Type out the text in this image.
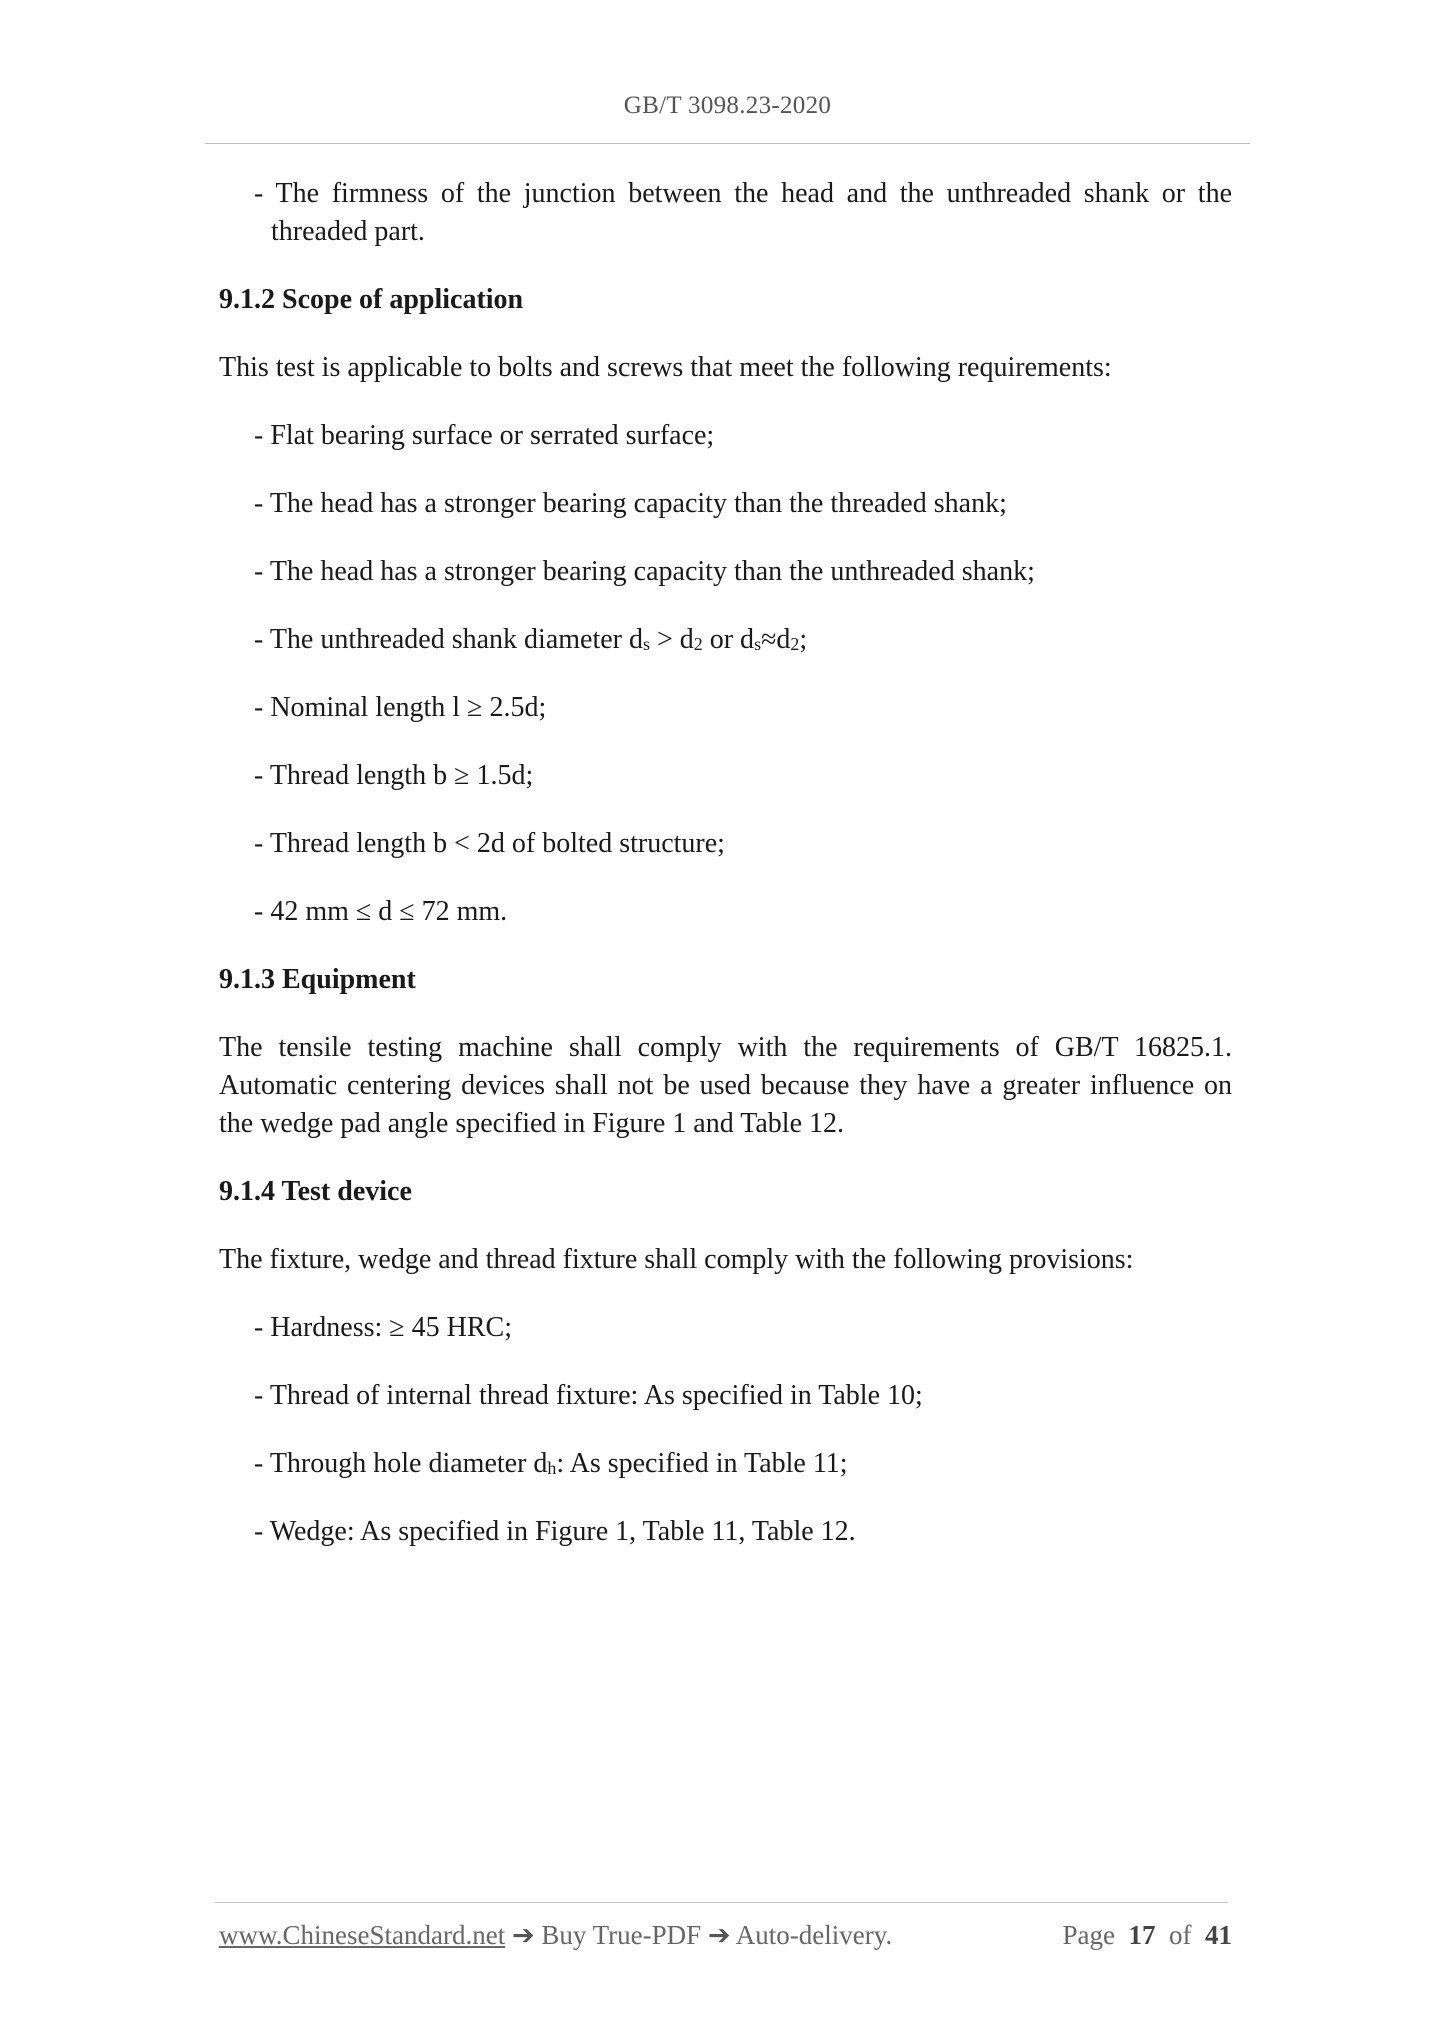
GB/T 3098.23-2020

- The firmness of the junction between the head and the unthreaded shank or the threaded part.

9.1.2 Scope of application

This test is applicable to bolts and screws that meet the following requirements:

- Flat bearing surface or serrated surface;

- The head has a stronger bearing capacity than the threaded shank;

- The head has a stronger bearing capacity than the unthreaded shank;

- The unthreaded shank diameter ds > d2 or ds≈d2;

- Nominal length l ≥ 2.5d;

- Thread length b ≥ 1.5d;

- Thread length b < 2d of bolted structure;

- 42 mm ≤ d ≤ 72 mm.

9.1.3 Equipment

The tensile testing machine shall comply with the requirements of GB/T 16825.1. Automatic centering devices shall not be used because they have a greater influence on the wedge pad angle specified in Figure 1 and Table 12.

9.1.4 Test device

The fixture, wedge and thread fixture shall comply with the following provisions:

- Hardness: ≥ 45 HRC;

- Thread of internal thread fixture: As specified in Table 10;

- Through hole diameter dh: As specified in Table 11;

- Wedge: As specified in Figure 1, Table 11, Table 12.

www.ChineseStandard.net ➔ Buy True-PDF ➔ Auto-delivery.	Page 17 of 41
